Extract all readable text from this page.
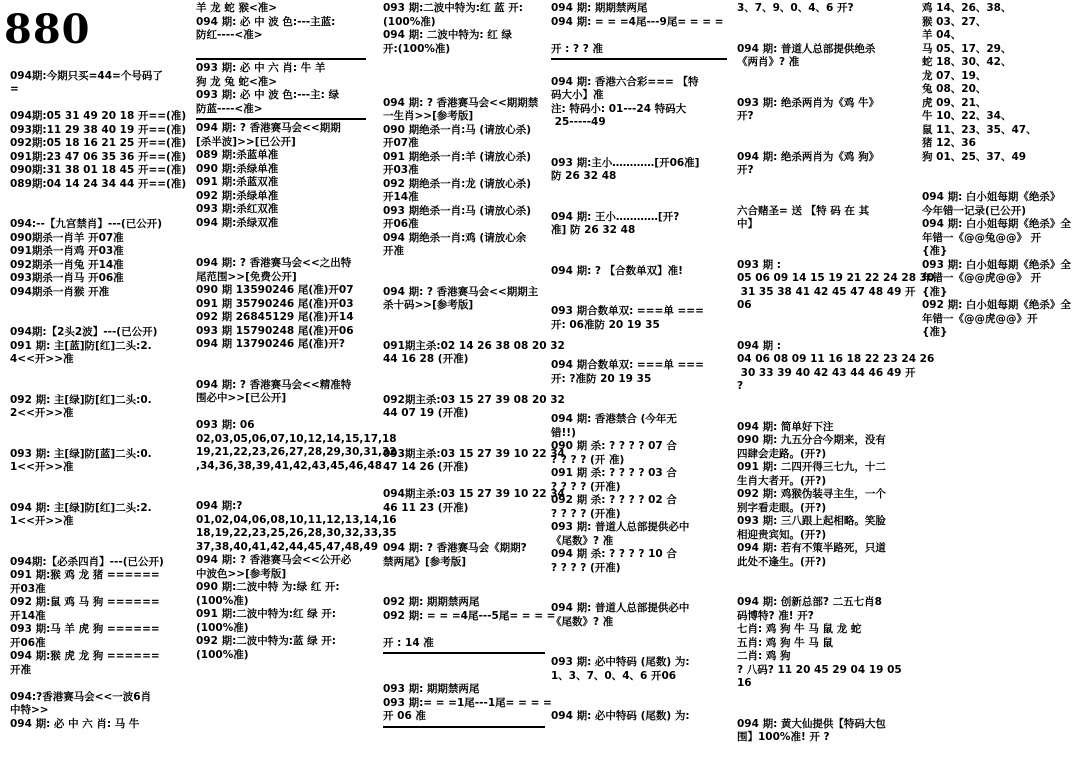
880

094期:今期只买=44=个号码了
=

094期:05 31 49 20 18 开==(准)
093期:11 29 38 40 19 开==(准)
092期:05 18 16 21 25 开==(准)
091期:23 47 06 35 36 开==(准)
090期:31 38 01 18 45 开==(准)
089期:04 14 24 34 44 开==(准)

094:--【九宫禁肖】---(已公开)
090期杀一肖羊 开07准
091期杀一肖鸡 开03准
092期杀一肖兔 开14准
093期杀一肖马 开06准
094期杀一肖猴 开准

094期:【2头2波】---(已公开)
091 期: 主[蓝]防[红]二头:2.
4<<开>>准

092 期: 主[绿]防[红]二头:0.
2<<开>>准

093 期: 主[绿]防[蓝]二头:0.
1<<开>>准

094 期: 主[绿]防[红]二头:2.
1<<开>>准

094期:【必杀四肖】---(已公开)
091 期:猴 鸡 龙 猪 ======
开03准
092 期:鼠 鸡 马 狗 ======
开14准
093 期:马 羊 虎 狗 ======
开06准
094 期:猴 虎 龙 狗 ======
开准

094:?香港赛马会<<一波6肖
中特>>
094 期: 必 中 六 肖: 马 牛
羊 龙 蛇 猴<准>
094 期: 必 中 波 色:---主蓝:
防红----<准>

093 期: 必 中 六 肖: 牛 羊
狗 龙 兔 蛇<准>
093 期: 必 中 波 色:---主: 绿
防蓝----<准>
094 期: ? 香港赛马会<<期期
[杀半波]>>[已公开]
089 期:杀蓝单准
090 期:杀绿单准
091 期:杀蓝双准
092 期:杀绿单准
093 期:杀红双准
094 期:杀绿双准

094 期: ? 香港赛马会<<之出特
尾范围>>[免费公开]
090 期 13590246 尾(准)开07
091 期 35790246 尾(准)开03
092 期 26845129 尾(准)开14
093 期 15790248 尾(准)开06
094 期 13790246 尾(准)开?

094 期: ? 香港赛马会<<精准特
围必中>>[已公开]

093 期: 06
02,03,05,06,07,10,12,14,15,17,18
19,21,22,23,26,27,28,29,30,31,32
,34,36,38,39,41,42,43,45,46,48

094 期:?
01,02,04,06,08,10,11,12,13,14,16
18,19,22,23,25,26,28,30,32,33,35
37,38,40,41,42,44,45,47,48,49
094 期: ? 香港赛马会<<公开必
中波色>>[参考版]
090 期:二波中特 为:绿 红 开:
(100%准)
091 期:二波中特为:红 绿 开:
(100%准)
092 期:二波中特为:蓝 绿 开:
(100%准)
093 期:二波中特为:红 蓝 开:
(100%准)
094 期: 二波中特为: 红 绿
开:(100%准)

094 期: ? 香港赛马会<<期期禁
一生肖>>[参考版]
090 期绝杀一肖:马 (请放心杀)
开07准
091 期绝杀一肖:羊 (请放心杀)
开03准
092 期绝杀一肖:龙 (请放心杀)
开14准
093 期绝杀一肖:马 (请放心杀)
开06准
094 期绝杀一肖:鸡 (请放心余
开准

094 期: ? 香港赛马会<<期期主
杀十码>>[参考版]

091期主杀:02 14 26 38 08 20 32
44 16 28 (开准)

092期主杀:03 15 27 39 08 20 32
44 07 19 (开准)

093期主杀:03 15 27 39 10 22 34
47 14 26 (开准)

094期主杀:03 15 27 39 10 22 34
46 11 23 (开准)

094 期: ? 香港赛马会《期期?
禁两尾》[参考版]

092 期: 期期禁两尾
092 期: = = =4尾---5尾= = = =

开 : 14 准

093 期: 期期禁两尾
093 期:= = =1尾---1尾= = = =
开 06 准
094 期: 期期禁两尾
094 期: = = =4尾---9尾= = = =

开 : ? ? 准

094 期: 香港六合彩=== 【特
码大小】准
注: 特码小: 01---24 特码大
25-----49

093 期:主小…………[开06准]
防 26 32 48

094 期: 王小…………[开?
准] 防 26 32 48

094 期: ? 【合数单双】准!

093 期合数单双: ===单 ===
开: 06准防 20 19 35

094 期合数单双: ===单 ===
开: ?准防 20 19 35

094 期: 香港禁合 (今年无
错!!)
090 期 杀: ? ? ? ? 07 合
? ? ? ? (开 准)
091 期 杀: ? ? ? ? 03 合
? ? ? ? (开准)
092 期 杀: ? ? ? ? 02 合
? ? ? ? (开准)
093 期: 普道人总部提供必中
《尾数》? 准
094 期 杀: ? ? ? ? 10 合
? ? ? ? (开准)

094 期: 普道人总部提供必中
《尾数》? 准

093 期: 必中特码 (尾数) 为:
1、3、7、0、4、6 开06

094 期: 必中特码 (尾数) 为:
3、7、9、0、4、6 开?

094 期: 普道人总部提供绝杀
《两肖》? 准

093 期: 绝杀两肖为《鸡 牛》
开?

094 期: 绝杀两肖为《鸡 狗》
开?

六合赌圣= 送 【特 码 在 其
中】

093 期 :
05 06 09 14 15 19 21 22 24 28 30
31 35 38 41 42 45 47 48 49 开
06

094 期 :
04 06 08 09 11 16 18 22 23 24 26
30 33 39 40 42 43 44 46 49 开
?

094 期: 简单好下注
090 期: 九五分合今期来，没有
四肆会走路。(开?)
091 期: 二四开得三七九，十二
生肖大者开。(开?)
092 期: 鸡猴伪装寻主生，一个
别字看走眼。(开?)
093 期: 三八跟上起相略。笑脸
相迎贵宾知。(开?)
094 期: 若有不策半路死，只道
此处不逢生。(开?)

094 期: 创新总部? 二五七肖8
码博特? 准! 开?
七肖: 鸡 狗 牛 马 鼠 龙 蛇
五肖: 鸡 狗 牛 马 鼠
二肖: 鸡 狗
? 八码? 11 20 45 29 04 19 05
16

094 期: 黄大仙提供【特码大包
围】100%准! 开 ?
鸡 14、26、38、
猴 03、27、
羊 04、
马 05、17、29、
蛇 18、30、42、
龙 07、19、
兔 08、20、
虎 09、21、
牛 10、22、34、
鼠 11、23、35、47、
猪 12、36
狗 01、25、37、49

094 期: 白小姐每期《绝杀》
今年错一记录(已公开)
094 期: 白小姐每期《绝杀》全
年错一《@@兔@@》 开
{准}
093 期: 白小姐每期《绝杀》全
年错一《@@虎@@》 开
{准}
092 期: 白小姐每期《绝杀》全
年错一《@@虎@@》开
{准}
